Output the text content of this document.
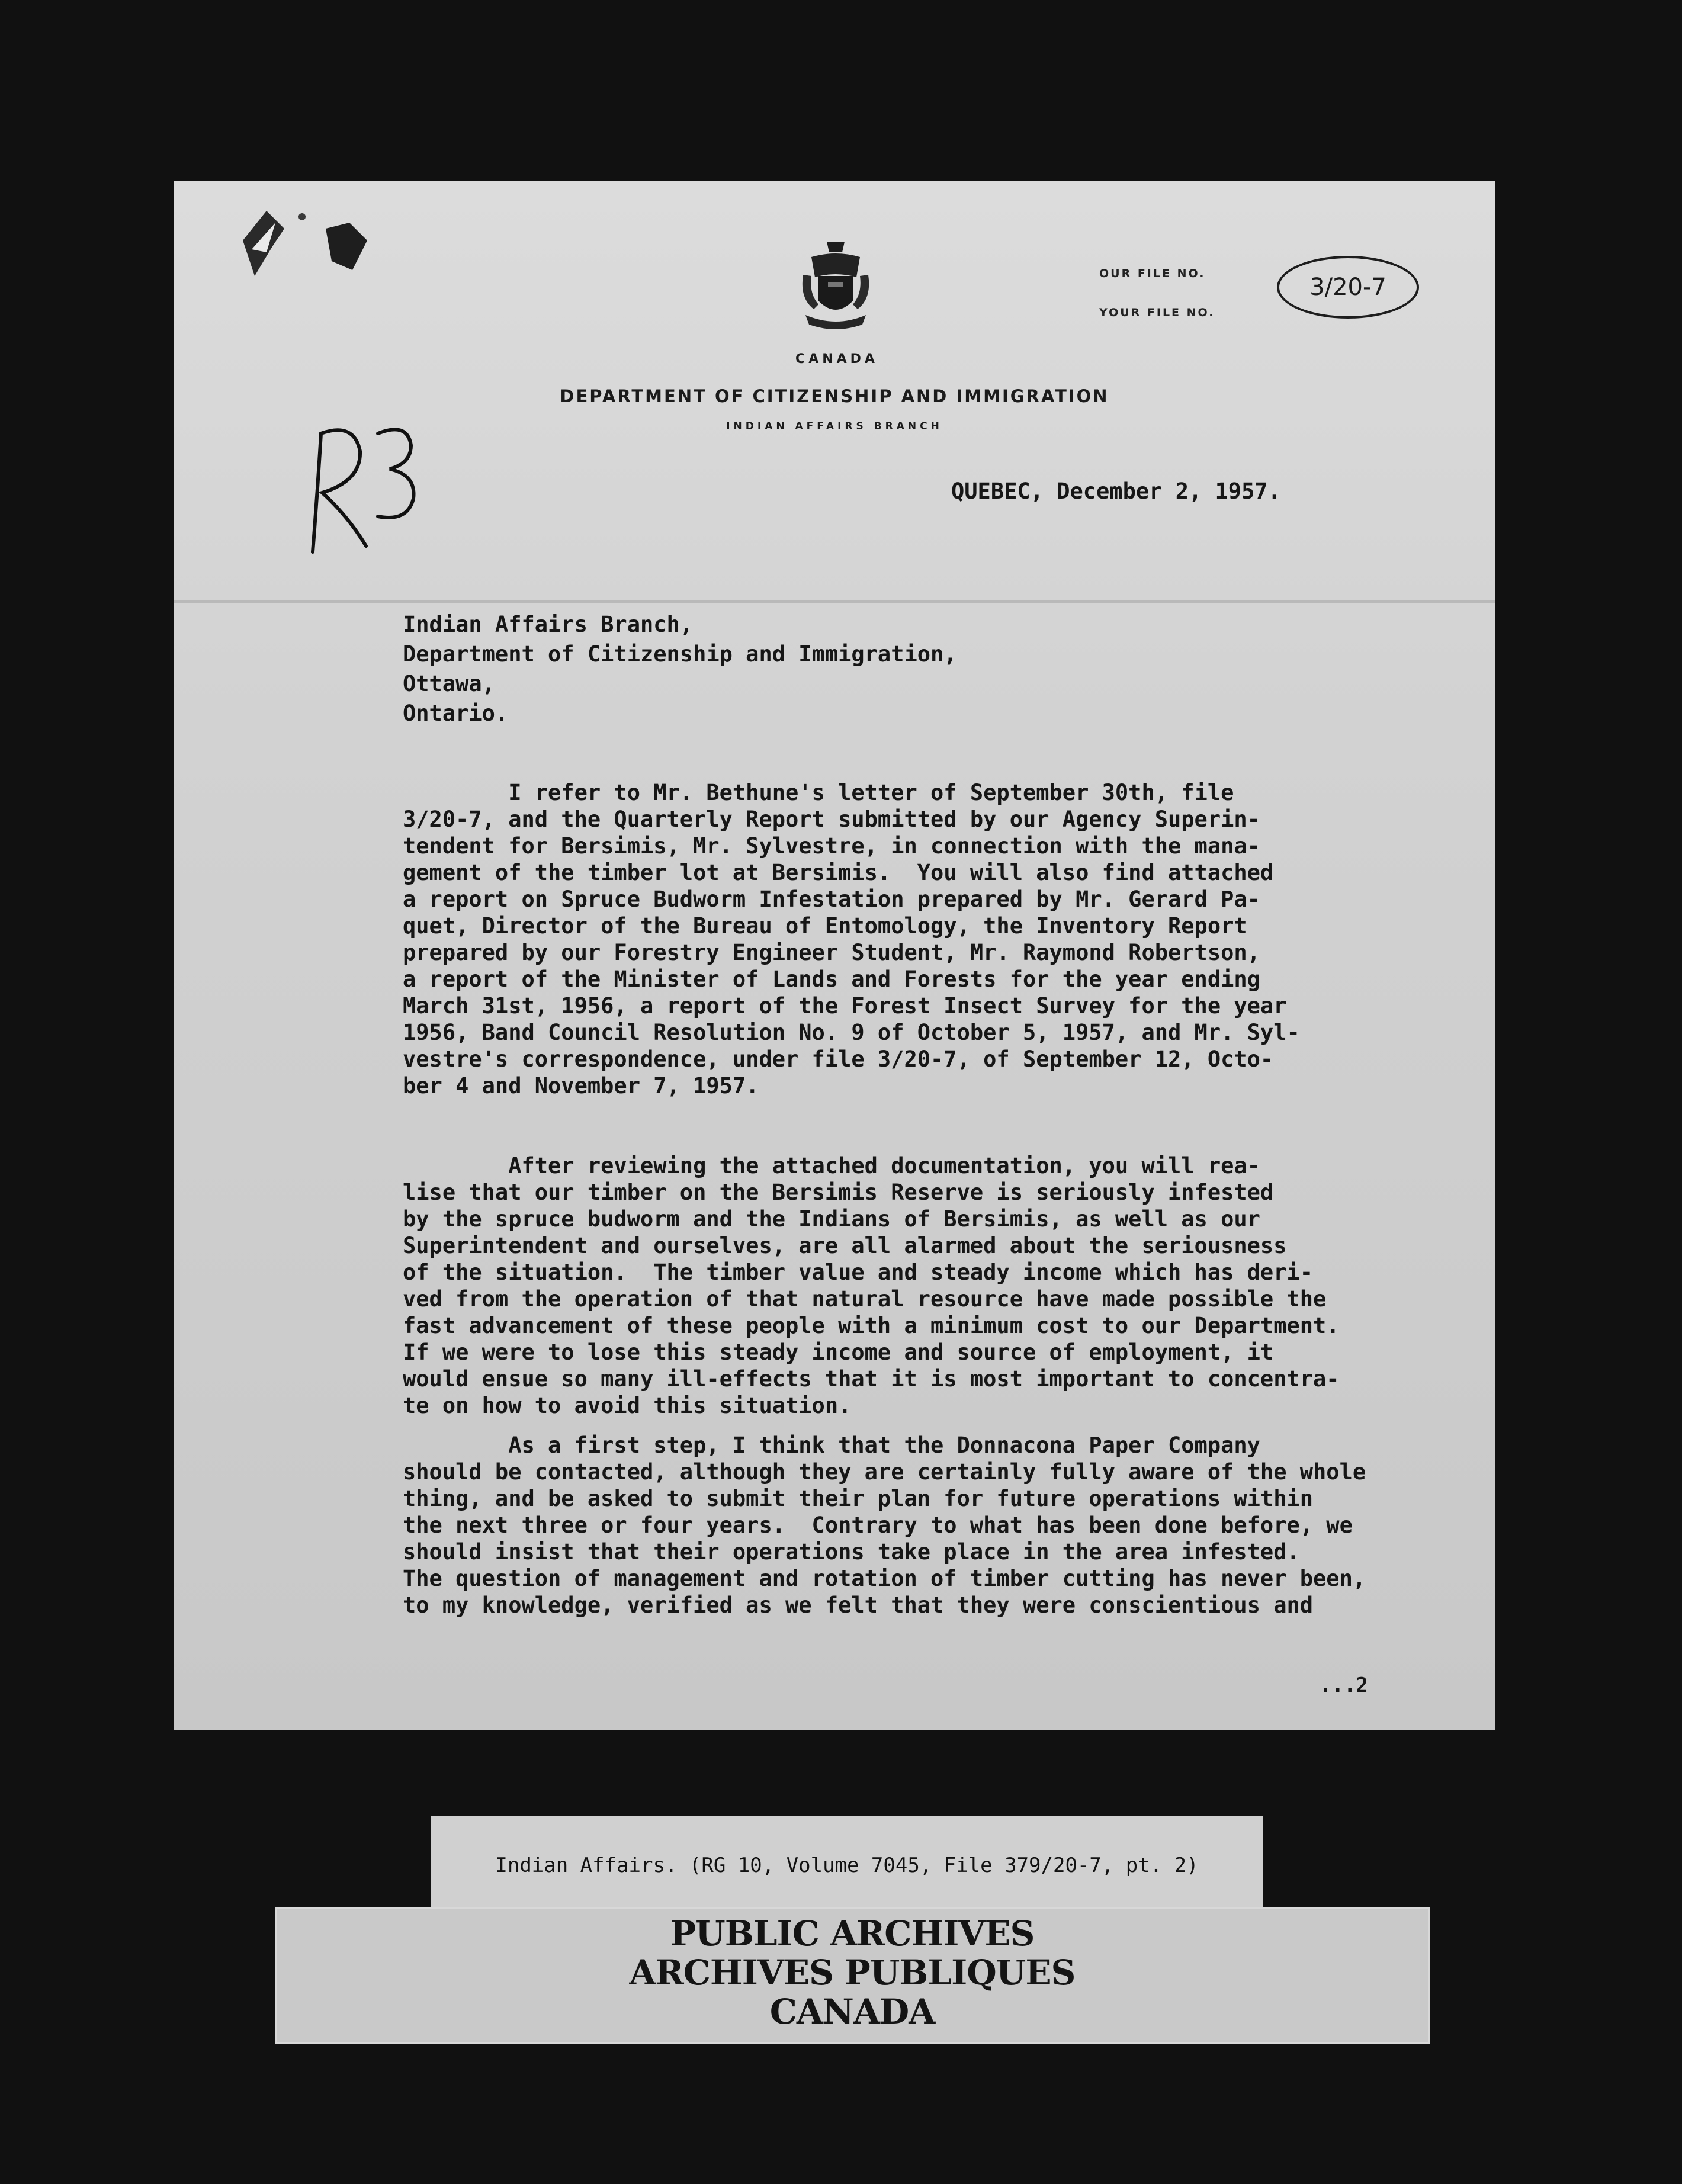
CANADA
DEPARTMENT OF CITIZENSHIP AND IMMIGRATION
INDIAN AFFAIRS BRANCH
OUR FILE NO.
YOUR FILE NO.
3/20-7
QUEBEC, December 2, 1957.
Indian Affairs Branch,
Department of Citizenship and Immigration,
Ottawa,
Ontario.
I refer to Mr. Bethune's letter of September 30th, file
3/20-7, and the Quarterly Report submitted by our Agency Superin-
tendent for Bersimis, Mr. Sylvestre, in connection with the mana-
gement of the timber lot at Bersimis.  You will also find attached
a report on Spruce Budworm Infestation prepared by Mr. Gerard Pa-
quet, Director of the Bureau of Entomology, the Inventory Report
prepared by our Forestry Engineer Student, Mr. Raymond Robertson,
a report of the Minister of Lands and Forests for the year ending
March 31st, 1956, a report of the Forest Insect Survey for the year
1956, Band Council Resolution No. 9 of October 5, 1957, and Mr. Syl-
vestre's correspondence, under file 3/20-7, of September 12, Octo-
ber 4 and November 7, 1957.
After reviewing the attached documentation, you will rea-
lise that our timber on the Bersimis Reserve is seriously infested
by the spruce budworm and the Indians of Bersimis, as well as our
Superintendent and ourselves, are all alarmed about the seriousness
of the situation.  The timber value and steady income which has deri-
ved from the operation of that natural resource have made possible the
fast advancement of these people with a minimum cost to our Department.
If we were to lose this steady income and source of employment, it
would ensue so many ill-effects that it is most important to concentra-
te on how to avoid this situation.
As a first step, I think that the Donnacona Paper Company
should be contacted, although they are certainly fully aware of the whole
thing, and be asked to submit their plan for future operations within
the next three or four years.  Contrary to what has been done before, we
should insist that their operations take place in the area infested.
The question of management and rotation of timber cutting has never been,
to my knowledge, verified as we felt that they were conscientious and
...2
Indian Affairs. (RG 10, Volume 7045, File 379/20-7, pt. 2)
PUBLIC ARCHIVES
ARCHIVES PUBLIQUES
CANADA
